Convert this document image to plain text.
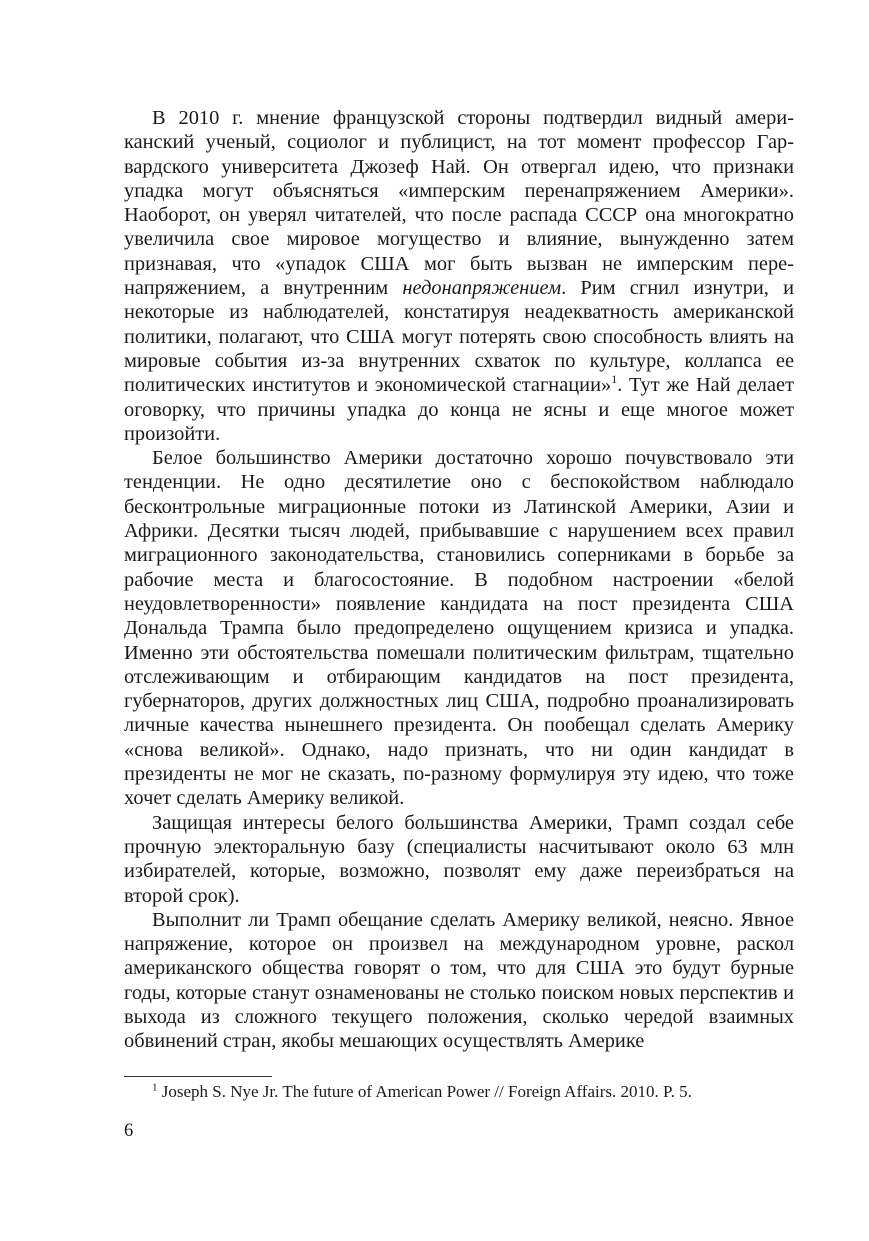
В 2010 г. мнение французской стороны подтвердил видный американский ученый, социолог и публицист, на тот момент профессор Гарвардского университета Джозеф Най. Он отвергал идею, что признаки упадка могут объясняться «имперским перенапряжением Америки». Наоборот, он уверял читателей, что после распада СССР она многократно увеличила свое мировое могущество и влияние, вынужденно затем признавая, что «упадок США мог быть вызван не имперским перенапряжением, а внутренним недонапряжением. Рим сгнил изнутри, и некоторые из наблюдателей, констатируя неадекватность американской политики, полагают, что США могут потерять свою способность влиять на мировые события из-за внутренних схваток по культуре, коллапса ее политических институтов и экономической стагнации»$^1$. Тут же Най делает оговорку, что причины упадка до конца не ясны и еще многое может произойти.

Белое большинство Америки достаточно хорошо почувствовало эти тенденции. Не одно десятилетие оно с беспокойством наблюдало бесконтрольные миграционные потоки из Латинской Америки, Азии и Африки. Десятки тысяч людей, прибывавшие с нарушением всех правил миграционного законодательства, становились соперниками в борьбе за рабочие места и благосостояние. В подобном настроении «белой неудовлетворенности» появление кандидата на пост президента США Дональда Трампа было предопределено ощущением кризиса и упадка. Именно эти обстоятельства помешали политическим фильтрам, тщательно отслеживающим и отбирающим кандидатов на пост президента, губернаторов, других должностных лиц США, подробно проанализировать личные качества нынешнего президента. Он пообещал сделать Америку «снова великой». Однако, надо признать, что ни один кандидат в президенты не мог не сказать, по-разному формулируя эту идею, что тоже хочет сделать Америку великой.

Защищая интересы белого большинства Америки, Трамп создал себе прочную электоральную базу (специалисты насчитывают около 63 млн избирателей, которые, возможно, позволят ему даже переизбраться на второй срок).

Выполнит ли Трамп обещание сделать Америку великой, неясно. Явное напряжение, которое он произвел на международном уровне, раскол американского общества говорят о том, что для США это будут бурные годы, которые станут ознаменованы не столько поиском новых перспектив и выхода из сложного текущего положения, сколько чередой взаимных обвинений стран, якобы мешающих осуществлять Америке

$^1$ Joseph S. Nye Jr. The future of American Power // Foreign Affairs. 2010. P. 5.

6
